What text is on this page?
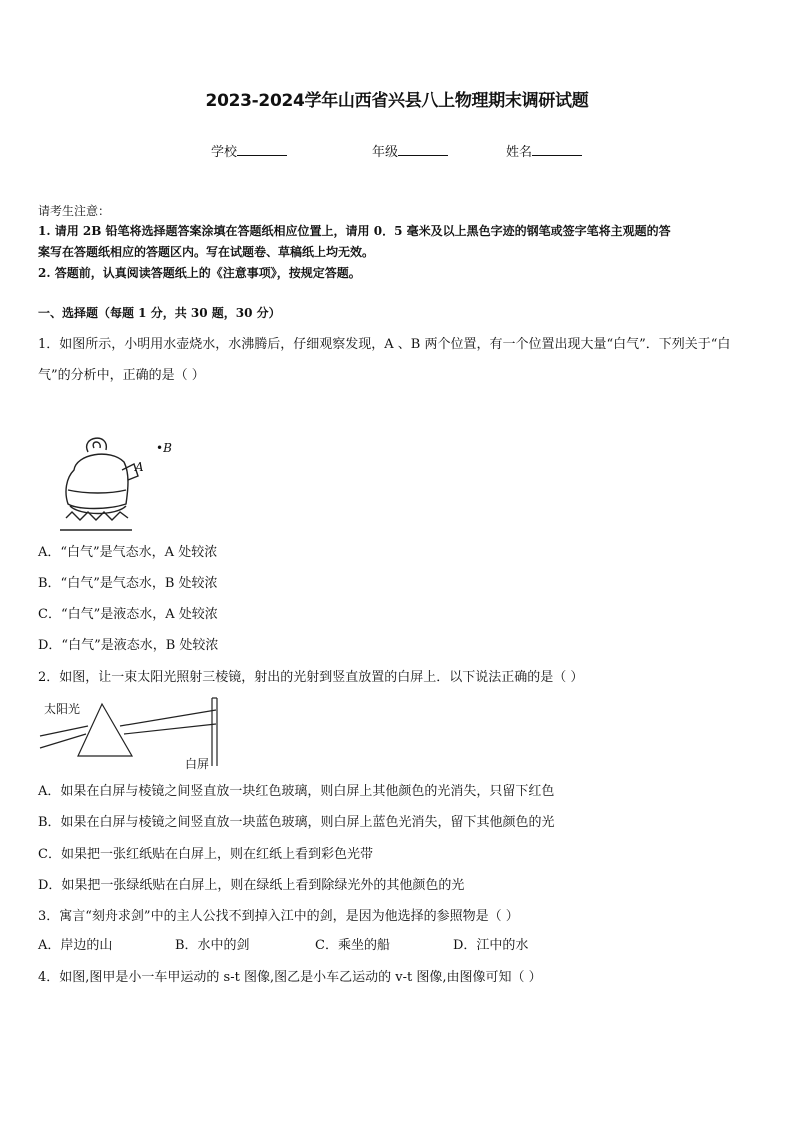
2023-2024学年山西省兴县八上物理期末调研试题
学校	年级	姓名
请考生注意：
1. 请用 2B 铅笔将选择题答案涂填在答题纸相应位置上，请用 0．5 毫米及以上黑色字迹的钢笔或签字笔将主观题的答
案写在答题纸相应的答题区内。写在试题卷、草稿纸上均无效。
2. 答题前，认真阅读答题纸上的《注意事项》，按规定答题。
一、选择题（每题 1 分，共 30 题，30 分）
1．如图所示，小明用水壶烧水，水沸腾后，仔细观察发现，A 、B 两个位置，有一个位置出现大量“白气”．下列关于“白
气”的分析中，正确的是（ ）
A
•B
A．“白气”是气态水，A 处较浓
B．“白气”是气态水，B 处较浓
C．“白气”是液态水，A 处较浓
D．“白气”是液态水，B 处较浓
2．如图，让一束太阳光照射三棱镜，射出的光射到竖直放置的白屏上．以下说法正确的是（ ）
太阳光
白屏
A．如果在白屏与棱镜之间竖直放一块红色玻璃，则白屏上其他颜色的光消失，只留下红色
B．如果在白屏与棱镜之间竖直放一块蓝色玻璃，则白屏上蓝色光消失，留下其他颜色的光
C．如果把一张红纸贴在白屏上，则在红纸上看到彩色光带
D．如果把一张绿纸贴在白屏上，则在绿纸上看到除绿光外的其他颜色的光
3．寓言“刻舟求剑”中的主人公找不到掉入江中的剑，是因为他选择的参照物是（ ）
A．岸边的山	B．水中的剑	C．乘坐的船	D．江中的水
4．如图,图甲是小一车甲运动的 s-t 图像,图乙是小车乙运动的 v-t 图像,由图像可知（ ）
